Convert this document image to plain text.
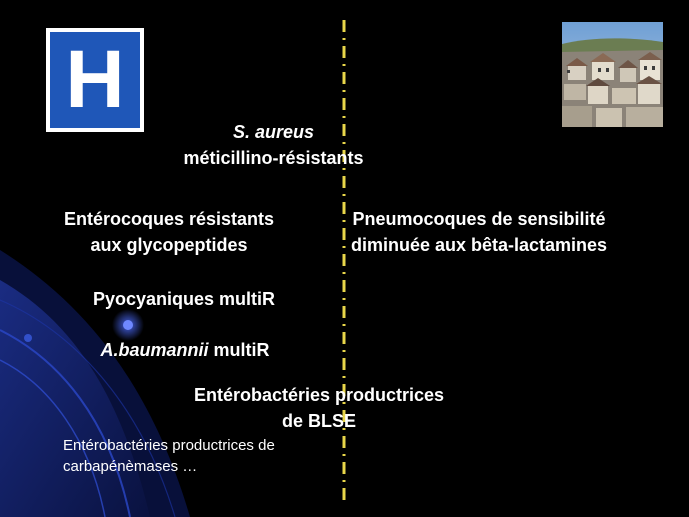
H
S. aureus
méticillino-résistants
Entérocoques résistants
aux glycopeptides
Pneumocoques de sensibilité
diminuée aux bêta-lactamines
Pyocyaniques multiR
A.baumannii multiR
Entérobactéries productrices
de BLSE
Entérobactéries productrices de
carbapénèmases …
